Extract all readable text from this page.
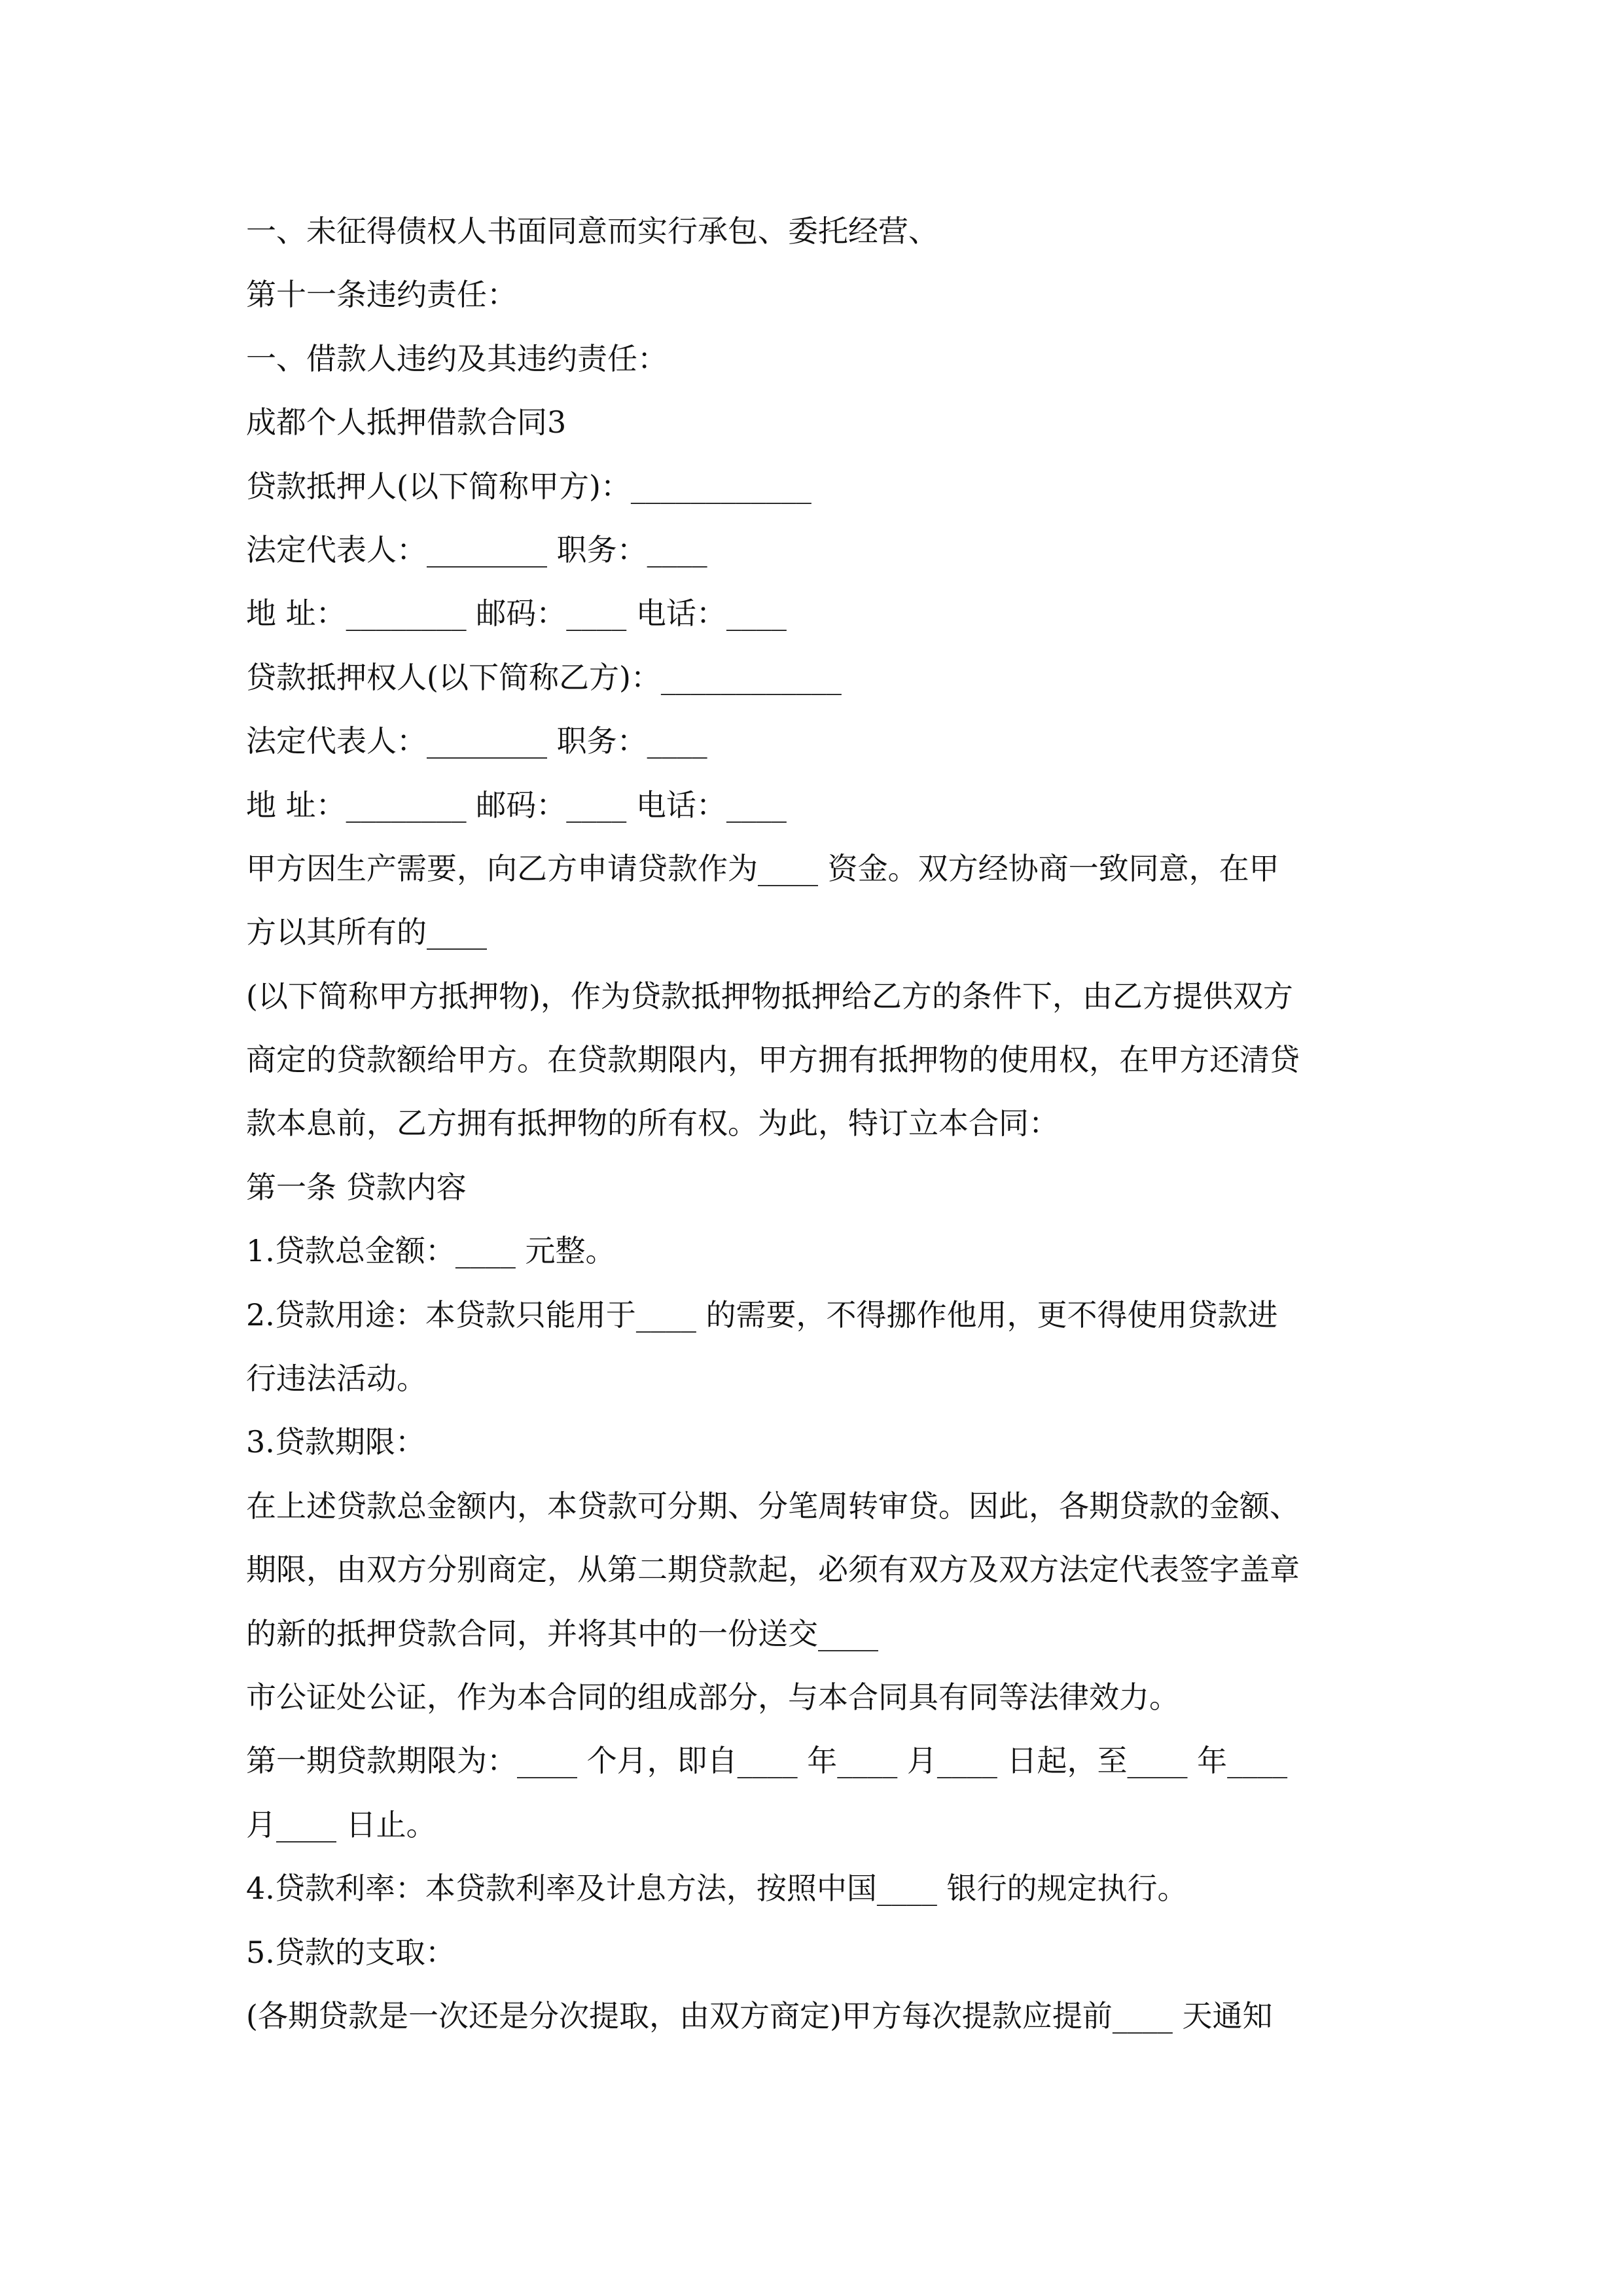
一、未征得债权人书面同意而实行承包、委托经营、
第十一条违约责任：
一、借款人违约及其违约责任：
成都个人抵押借款合同3
贷款抵押人(以下简称甲方)：____________
法定代表人：________ 职务：____
地 址：________ 邮码：____ 电话：____
贷款抵押权人(以下简称乙方)：____________
法定代表人：________ 职务：____
地 址：________ 邮码：____ 电话：____
甲方因生产需要，向乙方申请贷款作为____ 资金。双方经协商一致同意，在甲
方以其所有的____
(以下简称甲方抵押物)，作为贷款抵押物抵押给乙方的条件下，由乙方提供双方
商定的贷款额给甲方。在贷款期限内，甲方拥有抵押物的使用权，在甲方还清贷
款本息前，乙方拥有抵押物的所有权。为此，特订立本合同：
第一条 贷款内容
1.贷款总金额：____ 元整。
2.贷款用途：本贷款只能用于____ 的需要，不得挪作他用，更不得使用贷款进
行违法活动。
3.贷款期限：
在上述贷款总金额内，本贷款可分期、分笔周转审贷。因此，各期贷款的金额、
期限，由双方分别商定，从第二期贷款起，必须有双方及双方法定代表签字盖章
的新的抵押贷款合同，并将其中的一份送交____
市公证处公证，作为本合同的组成部分，与本合同具有同等法律效力。
第一期贷款期限为：____ 个月，即自____ 年____ 月____ 日起，至____ 年____
月____ 日止。
4.贷款利率：本贷款利率及计息方法，按照中国____ 银行的规定执行。
5.贷款的支取：
(各期贷款是一次还是分次提取，由双方商定)甲方每次提款应提前____ 天通知
